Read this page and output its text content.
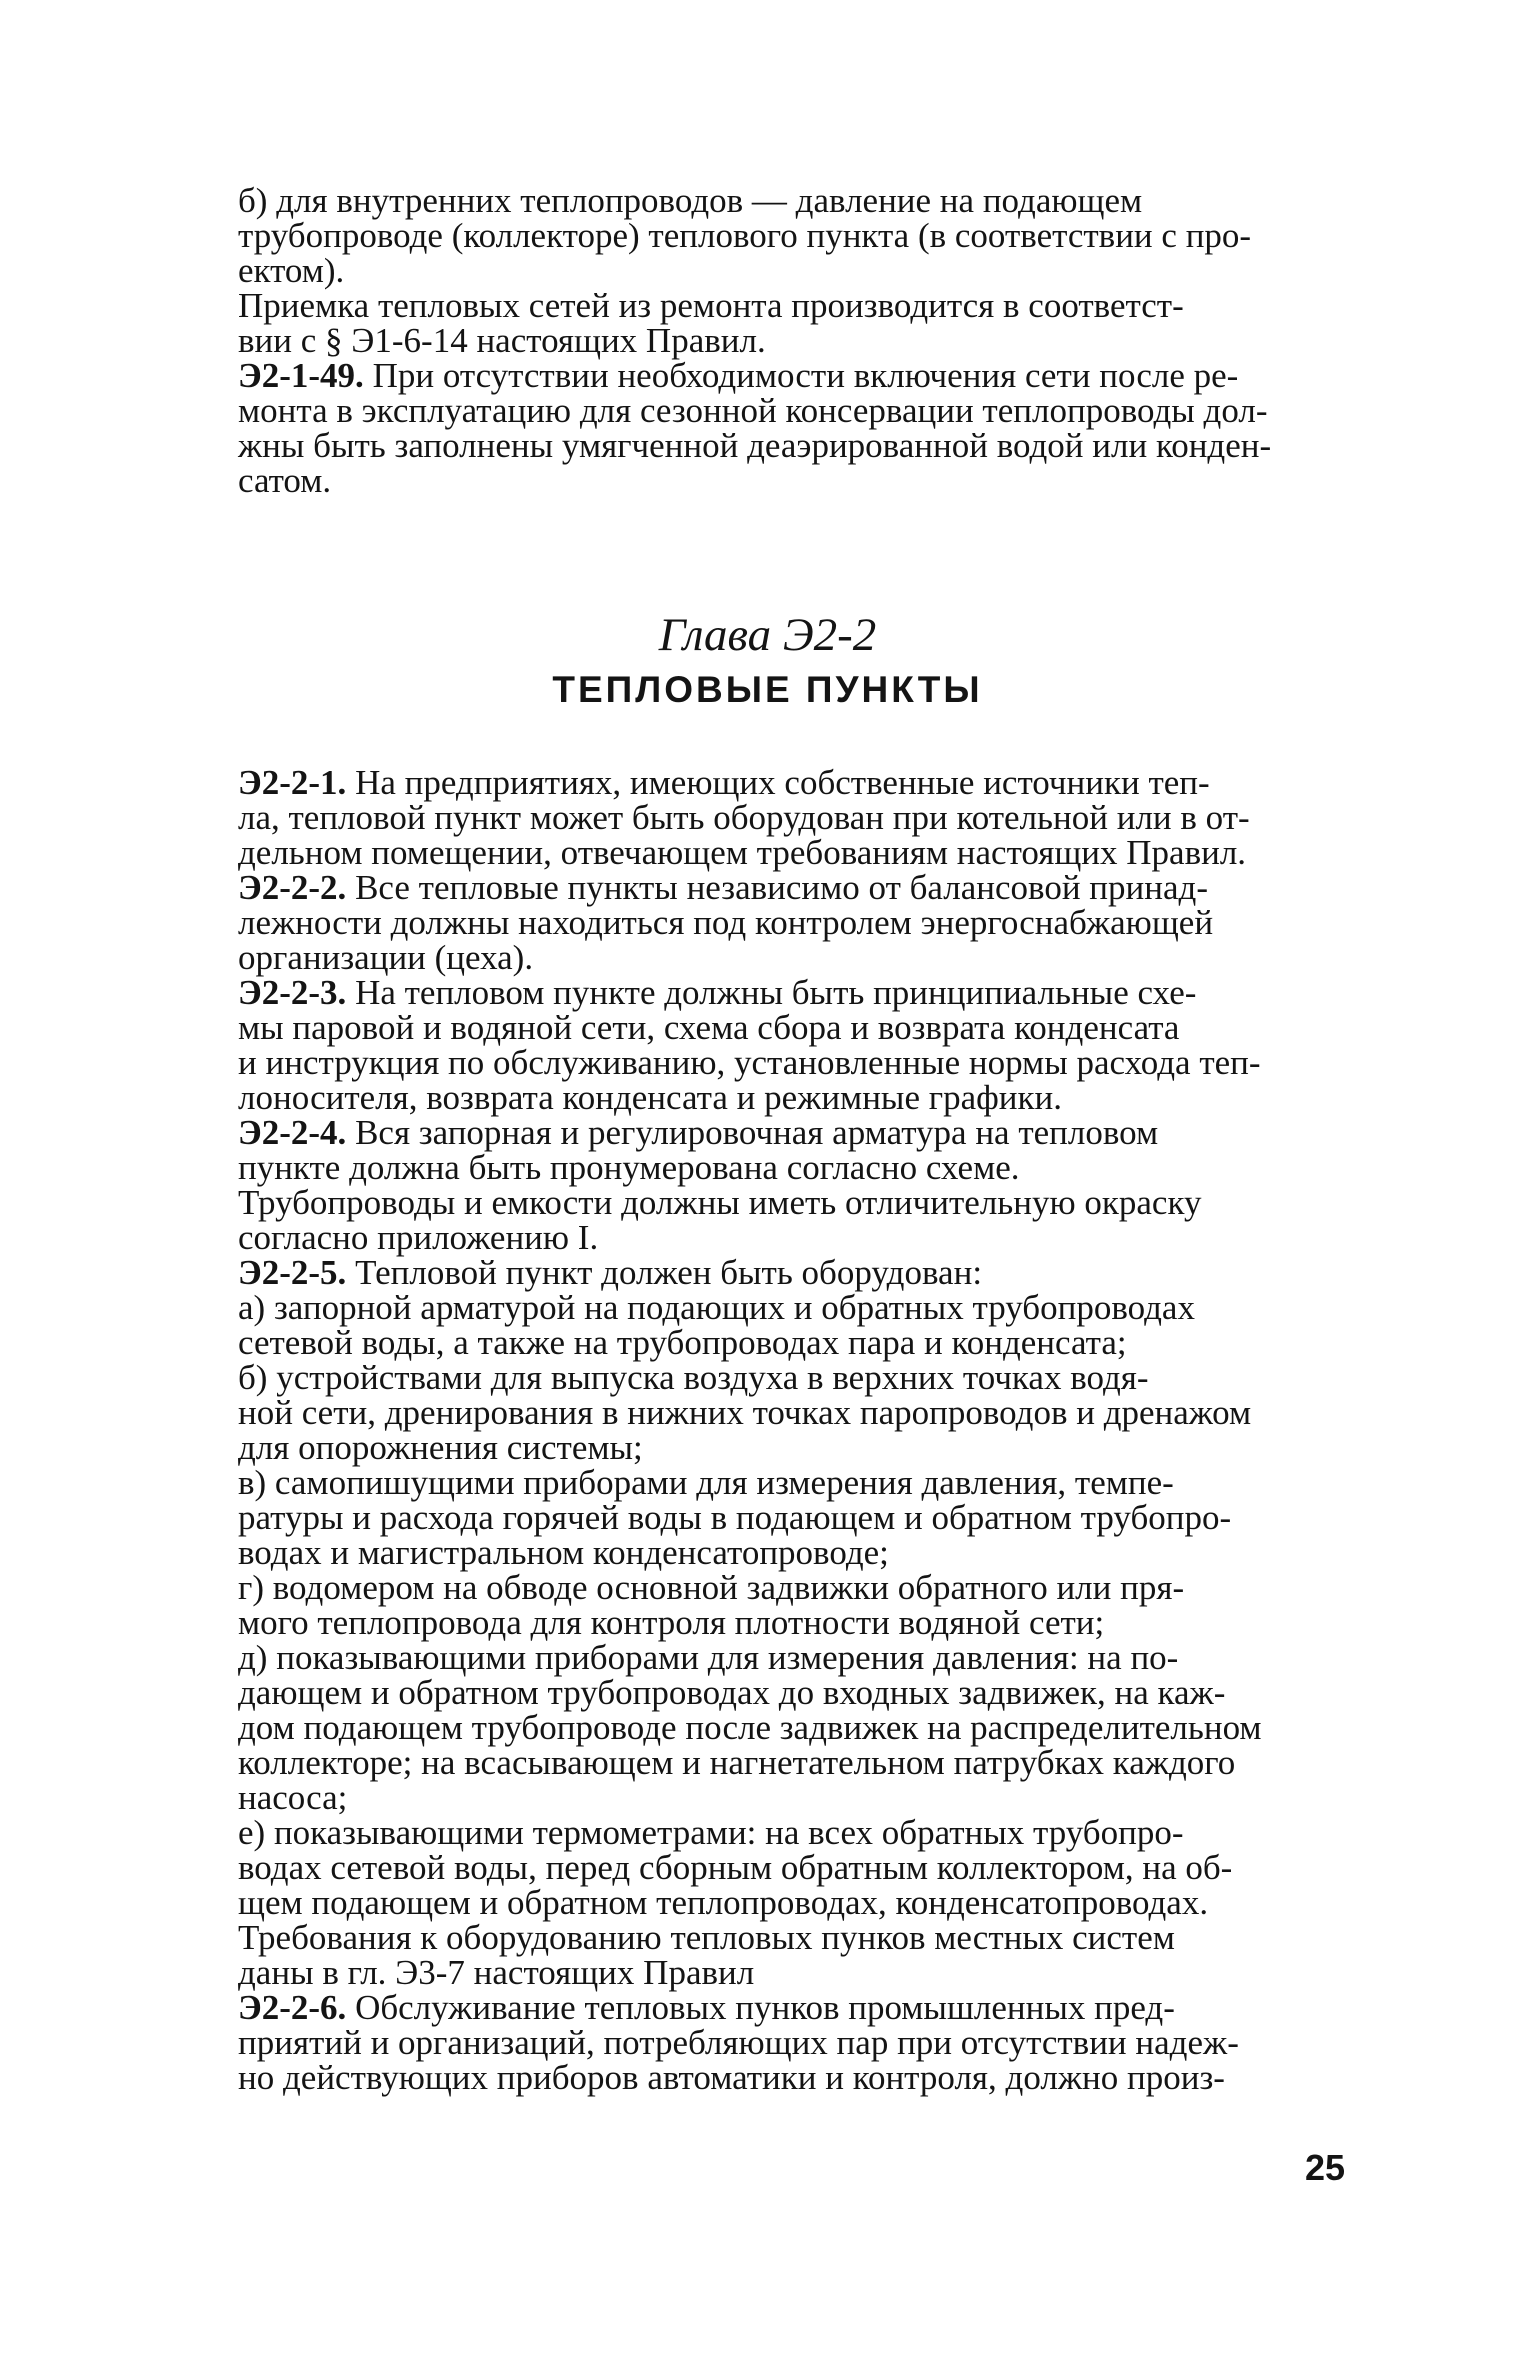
б) для внутренних теплопроводов — давление на подающем
трубопроводе (коллекторе) теплового пункта (в соответствии с про-
ектом).

Приемка тепловых сетей из ремонта производится в соответст-
вии с § Э1-6-14 настоящих Правил.

Э2-1-49. При отсутствии необходимости включения сети после ре-
монта в эксплуатацию для сезонной консервации теплопроводы дол-
жны быть заполнены умягченной деаэрированной водой или конден-
сатом.

Глава Э2-2
ТЕПЛОВЫЕ ПУНКТЫ

Э2-2-1. На предприятиях, имеющих собственные источники теп-
ла, тепловой пункт может быть оборудован при котельной или в от-
дельном помещении, отвечающем требованиям настоящих Правил.

Э2-2-2. Все тепловые пункты независимо от балансовой принад-
лежности должны находиться под контролем энергоснабжающей
организации (цеха).

Э2-2-3. На тепловом пункте должны быть принципиальные схе-
мы паровой и водяной сети, схема сбора и возврата конденсата
и инструкция по обслуживанию, установленные нормы расхода теп-
лоносителя, возврата конденсата и режимные графики.

Э2-2-4. Вся запорная и регулировочная арматура на тепловом
пункте должна быть пронумерована согласно схеме.

Трубопроводы и емкости должны иметь отличительную окраску
согласно приложению I.

Э2-2-5. Тепловой пункт должен быть оборудован:

а) запорной арматурой на подающих и обратных трубопроводах
сетевой воды, а также на трубопроводах пара и конденсата;

б) устройствами для выпуска воздуха в верхних точках водя-
ной сети, дренирования в нижних точках паропроводов и дренажом
для опорожнения системы;

в) самопишущими приборами для измерения давления, темпе-
ратуры и расхода горячей воды в подающем и обратном трубопро-
водах и магистральном конденсатопроводе;

г) водомером на обводе основной задвижки обратного или пря-
мого теплопровода для контроля плотности водяной сети;

д) показывающими приборами для измерения давления: на по-
дающем и обратном трубопроводах до входных задвижек, на каж-
дом подающем трубопроводе после задвижек на распределительном
коллекторе; на всасывающем и нагнетательном патрубках каждого
насоса;

е) показывающими термометрами: на всех обратных трубопро-
водах сетевой воды, перед сборным обратным коллектором, на об-
щем подающем и обратном теплопроводах, конденсатопроводах.

Требования к оборудованию тепловых пунков местных систем
даны в гл. Э3-7 настоящих Правил

Э2-2-6. Обслуживание тепловых пунков промышленных пред-
приятий и организаций, потребляющих пар при отсутствии надеж-
но действующих приборов автоматики и контроля, должно произ-

25
